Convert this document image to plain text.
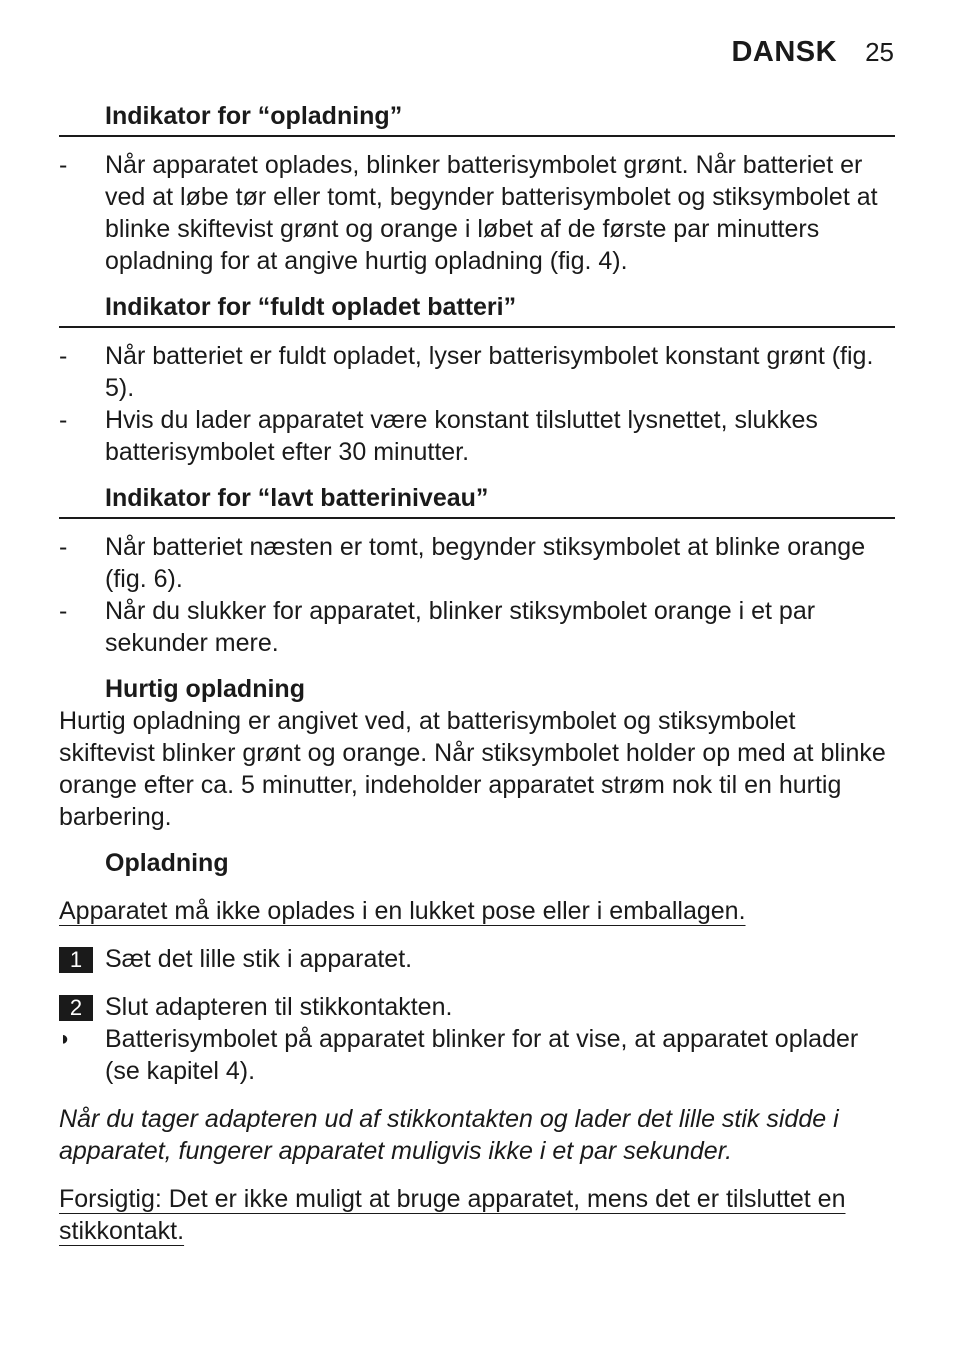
DANSK 25
Indikator for “opladning”
-	Når apparatet oplades, blinker batterisymbolet grønt. Når batteriet er ved at løbe tør eller tomt, begynder batterisymbolet og stiksymbolet at blinke skiftevist grønt og orange i løbet af de første par minutters opladning for at angive hurtig opladning (fig. 4).
Indikator for “fuldt opladet batteri”
-	Når batteriet er fuldt opladet, lyser batterisymbolet konstant grønt (fig. 5).
-	Hvis du lader apparatet være konstant tilsluttet lysnettet, slukkes batterisymbolet efter 30 minutter.
Indikator for “lavt batteriniveau”
-	Når batteriet næsten er tomt, begynder stiksymbolet at blinke orange (fig. 6).
-	Når du slukker for apparatet, blinker stiksymbolet orange i et par sekunder mere.
Hurtig opladning

Hurtig opladning er angivet ved, at batterisymbolet og stiksymbolet skiftevist blinker grønt og orange. Når stiksymbolet holder op med at blinke orange efter ca. 5 minutter, indeholder apparatet strøm nok til en hurtig barbering.

Opladning
Apparatet må ikke oplades i en lukket pose eller i emballagen.
1 Sæt det lille stik i apparatet.
2 Slut adapteren til stikkontakten.
◗	Batterisymbolet på apparatet blinker for at vise, at apparatet oplader (se kapitel 4).

Når du tager adapteren ud af stikkontakten og lader det lille stik sidde i apparatet, fungerer apparatet muligvis ikke i et par sekunder.

Forsigtig: Det er ikke muligt at bruge apparatet, mens det er tilsluttet en stikkontakt.
